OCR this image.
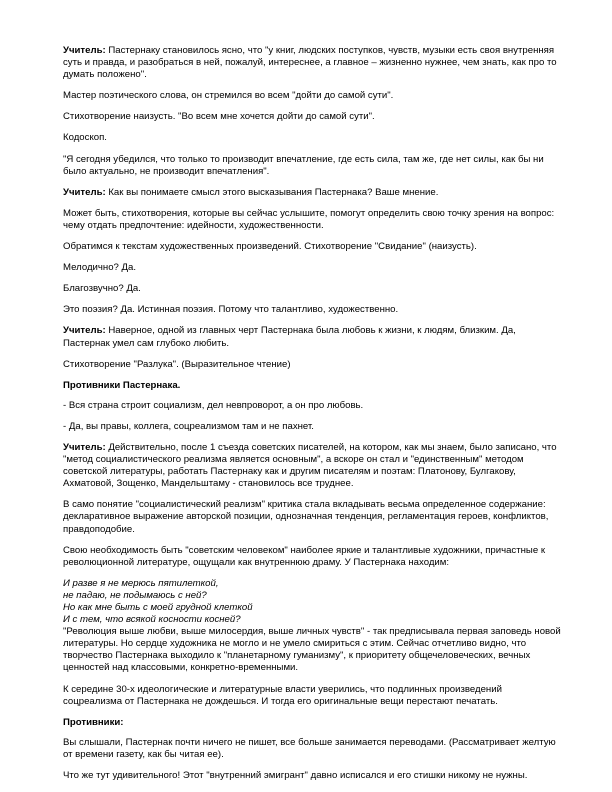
Учитель: Пастернаку становилось ясно, что "у книг, людских поступков, чувств, музыки есть своя внутренняя суть и правда, и разобраться в ней, пожалуй, интереснее, а главное – жизненно нужнее, чем знать, как про то думать положено".

Мастер поэтического слова, он стремился во всем "дойти до самой сути".

Стихотворение наизусть. "Во всем мне хочется дойти до самой сути".

Кодоскоп.

"Я сегодня убедился, что только то производит впечатление, где есть сила, там же, где нет силы, как бы ни было актуально, не производит впечатления".

Учитель: Как вы понимаете смысл этого высказывания Пастернака? Ваше мнение.

Может быть, стихотворения, которые вы сейчас услышите, помогут определить свою точку зрения на вопрос: чему отдать предпочтение: идейности, художественности.

Обратимся к текстам художественных произведений. Стихотворение "Свидание" (наизусть).

Мелодично? Да.

Благозвучно? Да.

Это поэзия? Да. Истинная поэзия. Потому что талантливо, художественно.

Учитель: Наверное, одной из главных черт Пастернака была любовь к жизни, к людям, близким. Да, Пастернак умел сам глубоко любить.

Стихотворение "Разлука". (Выразительное чтение)

Противники Пастернака.

- Вся страна строит социализм, дел невпроворот, а он про любовь.

- Да, вы правы, коллега, соцреализмом там и не пахнет.

Учитель: Действительно, после 1 съезда советских писателей, на котором, как мы знаем, было записано, что "метод социалистического реализма является основным", а вскоре он стал и "единственным" методом советской литературы, работать Пастернаку как и другим писателям и поэтам: Платонову, Булгакову, Ахматовой, Зощенко, Мандельштаму - становилось все труднее.

В само понятие "социалистический реализм" критика стала вкладывать весьма определенное содержание: декларативное выражение авторской позиции, однозначная тенденция, регламентация героев, конфликтов, правдоподобие.

Свою необходимость быть "советским человеком" наиболее яркие и талантливые художники, причастные к революционной литературе, ощущали как внутреннюю драму. У Пастернака находим:

И разве я не мерюсь пятилеткой,
не падаю, не подымаюсь с ней?
Но как мне быть с моей грудной клеткой
И с тем, что всякой косности косней?

"Революция выше любви, выше милосердия, выше личных чувств" - так предписывала первая заповедь новой литературы. Но сердце художника не могло и не умело смириться с этим. Сейчас отчетливо видно, что творчество Пастернака выходило к "планетарному гуманизму", к приоритету общечеловеческих, вечных ценностей над классовыми, конкретно-временными.

К середине 30-х идеологические и литературные власти уверились, что подлинных произведений соцреализма от Пастернака не дождешься. И тогда его оригинальные вещи перестают печатать.

Противники:

Вы слышали, Пастернак почти ничего не пишет, все больше занимается переводами. (Рассматривает желтую от времени газету, как бы читая ее).

Что же тут удивительного! Этот "внутренний эмигрант" давно исписался и его стишки никому не нужны.
